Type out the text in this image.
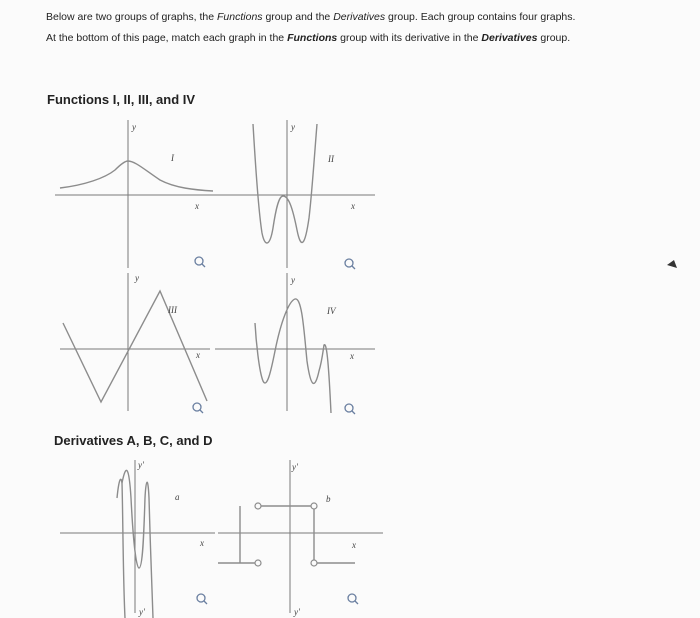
Below are two groups of graphs, the Functions group and the Derivatives group. Each group contains four graphs.

At the bottom of this page, match each graph in the Functions group with its derivative in the Derivatives group.

Functions I, II, III, and IV
Derivatives A, B, C, and D
y
I
x
y
II
x
y
III
x
y
IV
x
y'
a
x
y'
y'
b
x
y'
